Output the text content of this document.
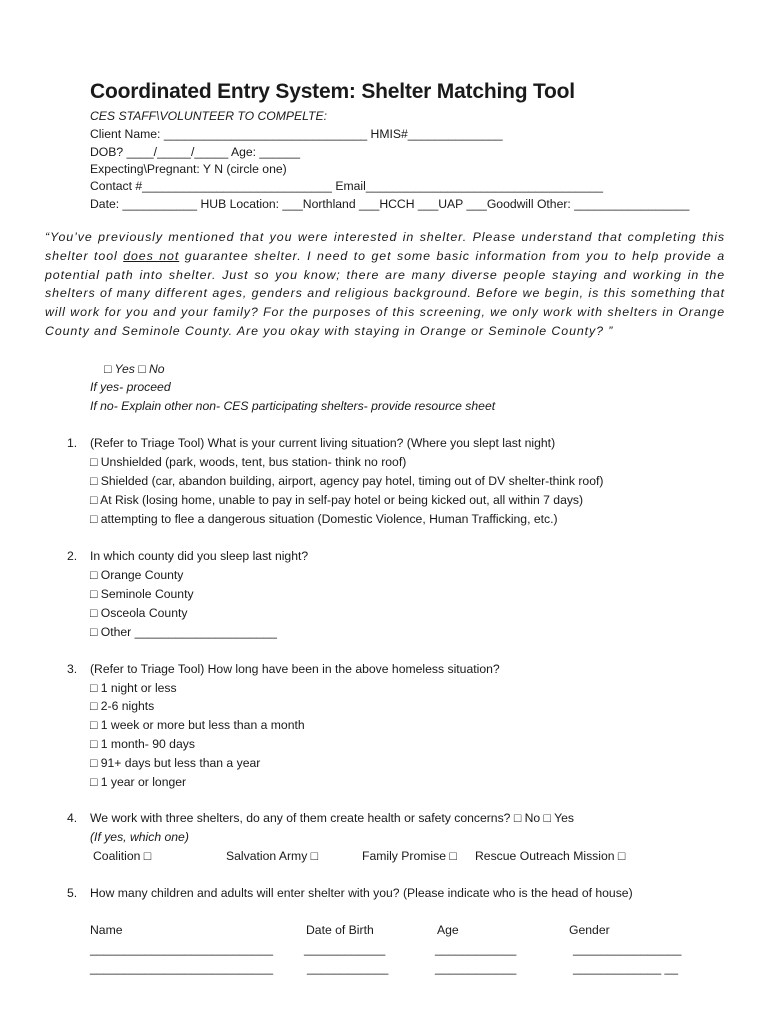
Coordinated Entry System: Shelter Matching Tool
CES STAFF\VOLUNTEER TO COMPELTE:
Client Name: ______________________________ HMIS#______________
DOB? ____/_____/_____ Age: ______
Expecting\Pregnant: Y N (circle one)
Contact #____________________________ Email___________________________________
Date: ___________ HUB Location: ___Northland ___HCCH ___UAP ___Goodwill Other: _________________
“You’ve previously mentioned that you were interested in shelter. Please understand that completing this shelter tool does not guarantee shelter. I need to get some basic information from you to help provide a potential path into shelter. Just so you know; there are many diverse people staying and working in the shelters of many different ages, genders and religious background. Before we begin, is this something that will work for you and your family? For the purposes of this screening, we only work with shelters in Orange County and Seminole County. Are you okay with staying in Orange or Seminole County? ”
□ Yes □ No
If yes- proceed
If no- Explain other non- CES participating shelters- provide resource sheet
1. (Refer to Triage Tool) What is your current living situation? (Where you slept last night)
□ Unshielded (park, woods, tent, bus station- think no roof)
□ Shielded (car, abandon building, airport, agency pay hotel, timing out of DV shelter-think roof)
□ At Risk (losing home, unable to pay in self-pay hotel or being kicked out, all within 7 days)
□ attempting to flee a dangerous situation (Domestic Violence, Human Trafficking, etc.)
2. In which county did you sleep last night?
□ Orange County
□ Seminole County
□ Osceola County
□ Other _____________________
3. (Refer to Triage Tool) How long have been in the above homeless situation?
□ 1 night or less
□ 2-6 nights
□ 1 week or more but less than a month
□ 1 month- 90 days
□ 91+ days but less than a year
□ 1 year or longer
4. We work with three shelters, do any of them create health or safety concerns? □ No □ Yes
(If yes, which one)
Coalition □	Salvation Army □	Family Promise □ Rescue Outreach Mission □
5. How many children and adults will enter shelter with you? (Please indicate who is the head of house)
Name	Date of Birth	Age	Gender
___________________________	____________	____________	________________
___________________________	____________	____________	_____________ __
